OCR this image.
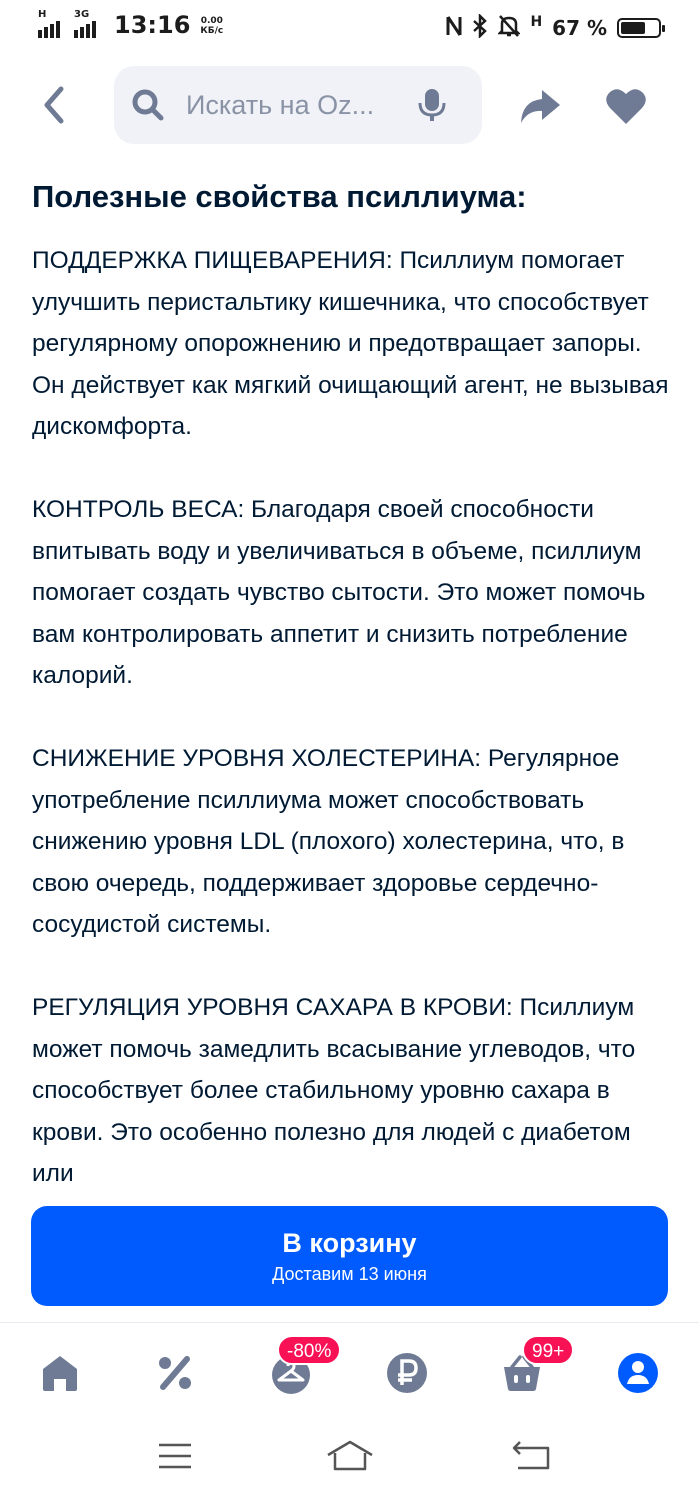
H	3G 13:16 0.00
КБ/с
H 67 %
Искать на Oz...
Полезные свойства псиллиума:

ПОДДЕРЖКА ПИЩЕВАРЕНИЯ: Псиллиум помогает улучшить перистальтику кишечника, что способствует регулярному опорожнению и предотвращает запоры. Он действует как мягкий очищающий агент, не вызывая дискомфорта.

КОНТРОЛЬ ВЕСА: Благодаря своей способности впитывать воду и увеличиваться в объеме, псиллиум помогает создать чувство сытости. Это может помочь вам контролировать аппетит и снизить потребление калорий.

СНИЖЕНИЕ УРОВНЯ ХОЛЕСТЕРИНА: Регулярное употребление псиллиума может способствовать снижению уровня LDL (плохого) холестерина, что, в свою очередь, поддерживает здоровье сердечно-сосудистой системы.

РЕГУЛЯЦИЯ УРОВНЯ САХАРА В КРОВИ: Псиллиум может помочь замедлить всасывание углеводов, что способствует более стабильному уровню сахара в крови. Это особенно полезно для людей с диабетом или

В корзину
Доставим 13 июня
-80%	99+
